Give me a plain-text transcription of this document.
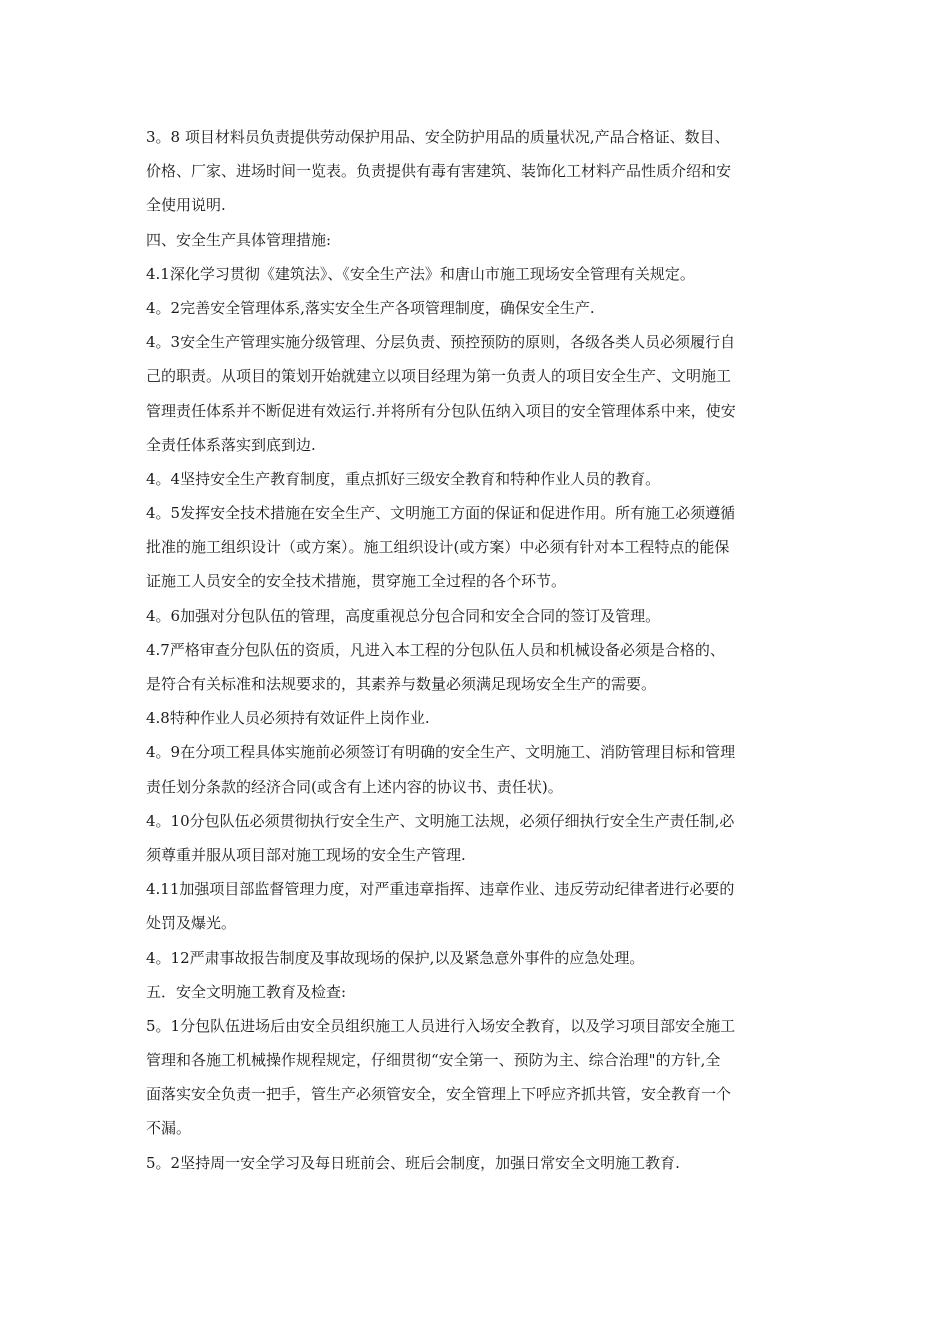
3。8 项目材料员负责提供劳动保护用品、安全防护用品的质量状况,产品合格证、数目、
价格、厂家、进场时间一览表。负责提供有毒有害建筑、装饰化工材料产品性质介绍和安
全使用说明.
四、安全生产具体管理措施:
4.1深化学习贯彻《建筑法》、《安全生产法》和唐山市施工现场安全管理有关规定。
4。2完善安全管理体系,落实安全生产各项管理制度，确保安全生产.
4。3安全生产管理实施分级管理、分层负责、预控预防的原则，各级各类人员必须履行自
己的职责。从项目的策划开始就建立以项目经理为第一负责人的项目安全生产、文明施工
管理责任体系并不断促进有效运行.并将所有分包队伍纳入项目的安全管理体系中来，使安
全责任体系落实到底到边.
4。4坚持安全生产教育制度，重点抓好三级安全教育和特种作业人员的教育。
4。5发挥安全技术措施在安全生产、文明施工方面的保证和促进作用。所有施工必须遵循
批准的施工组织设计（或方案）。施工组织设计(或方案）中必须有针对本工程特点的能保
证施工人员安全的安全技术措施，贯穿施工全过程的各个环节。
4。6加强对分包队伍的管理，高度重视总分包合同和安全合同的签订及管理。
4.7严格审查分包队伍的资质，凡进入本工程的分包队伍人员和机械设备必须是合格的、
是符合有关标准和法规要求的，其素养与数量必须满足现场安全生产的需要。
4.8特种作业人员必须持有效证件上岗作业.
4。9在分项工程具体实施前必须签订有明确的安全生产、文明施工、消防管理目标和管理
责任划分条款的经济合同(或含有上述内容的协议书、责任状)。
4。10分包队伍必须贯彻执行安全生产、文明施工法规，必须仔细执行安全生产责任制,必
须尊重并服从项目部对施工现场的安全生产管理.
4.11加强项目部监督管理力度，对严重违章指挥、违章作业、违反劳动纪律者进行必要的
处罚及爆光。
4。12严肃事故报告制度及事故现场的保护,以及紧急意外事件的应急处理。
五．安全文明施工教育及检查:
5。1分包队伍进场后由安全员组织施工人员进行入场安全教育，以及学习项目部安全施工
管理和各施工机械操作规程规定，仔细贯彻“安全第一、预防为主、综合治理"的方针,全
面落实安全负责一把手，管生产必须管安全，安全管理上下呼应齐抓共管，安全教育一个
不漏。
5。2坚持周一安全学习及每日班前会、班后会制度，加强日常安全文明施工教育.
